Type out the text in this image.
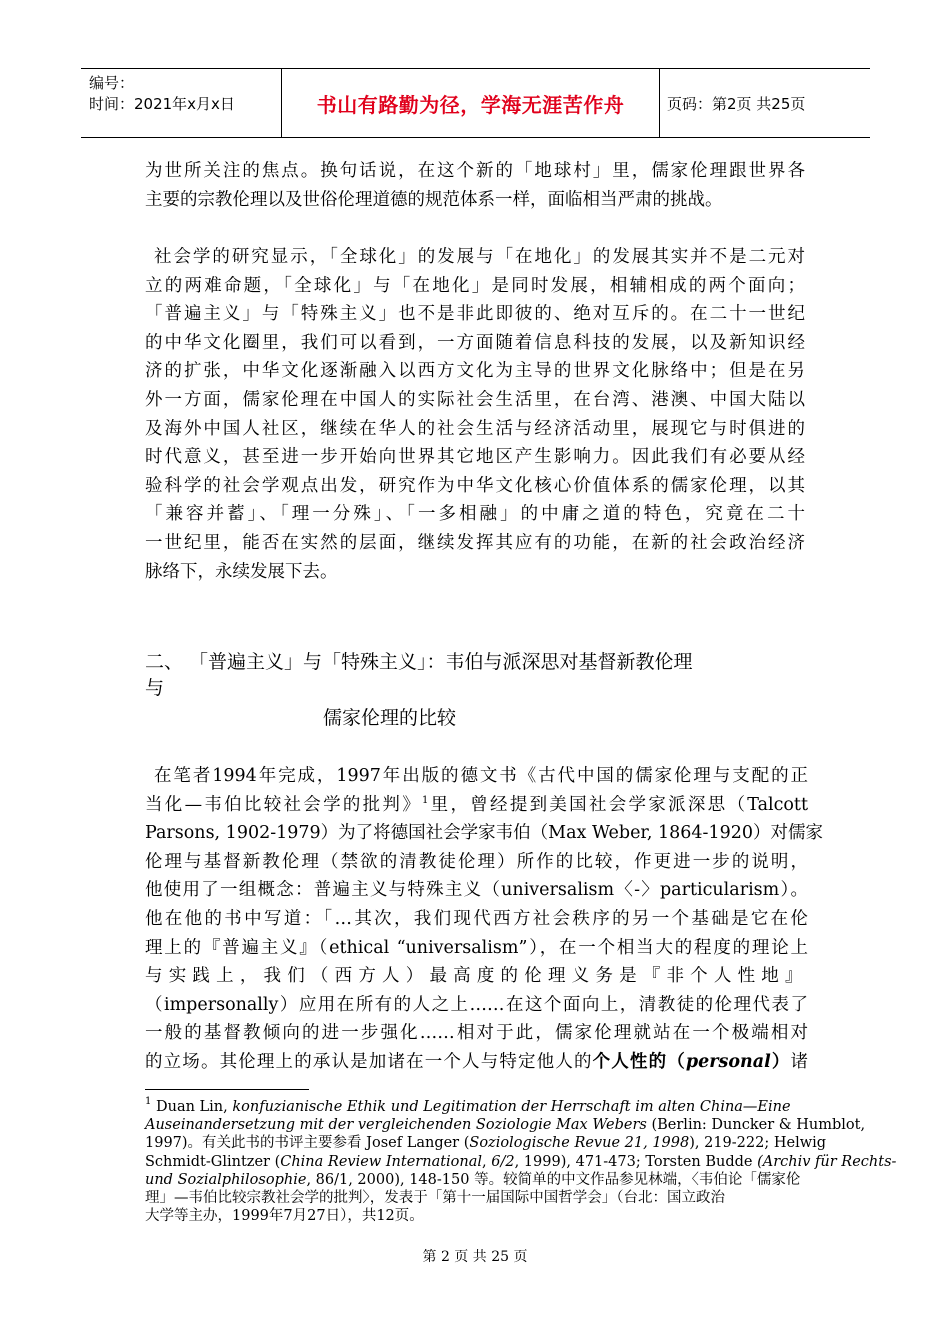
编号：
时间：2021年x月x日	书山有路勤为径，学海无涯苦作舟	页码：第2页 共25页
为世所关注的焦点。换句话说，在这个新的「地球村」里，儒家伦理跟世界各
主要的宗教伦理以及世俗伦理道德的规范体系一样，面临相当严肃的挑战。
社会学的研究显示，「全球化」的发展与「在地化」的发展其实并不是二元对
立的两难命题，「全球化」与「在地化」是同时发展，相辅相成的两个面向；
「普遍主义」与「特殊主义」也不是非此即彼的、绝对互斥的。在二十一世纪
的中华文化圈里，我们可以看到，一方面随着信息科技的发展，以及新知识经
济的扩张，中华文化逐渐融入以西方文化为主导的世界文化脉络中；但是在另
外一方面，儒家伦理在中国人的实际社会生活里，在台湾、港澳、中国大陆以
及海外中国人社区，继续在华人的社会生活与经济活动里，展现它与时俱进的
时代意义，甚至进一步开始向世界其它地区产生影响力。因此我们有必要从经
验科学的社会学观点出发，研究作为中华文化核心价值体系的儒家伦理，以其
「兼容并蓄」、「理一分殊」、「一多相融」的中庸之道的特色，究竟在二十
一世纪里，能否在实然的层面，继续发挥其应有的功能，在新的社会政治经济
脉络下，永续发展下去。
二、 「普遍主义」与「特殊主义」：韦伯与派深思对基督新教伦理
与
儒家伦理的比较
在笔者1994年完成，1997年出版的德文书《古代中国的儒家伦理与支配的正
当化—韦伯比较社会学的批判》$^1$里，曾经提到美国社会学家派深思（Talcott
Parsons, 1902-1979）为了将德国社会学家韦伯（Max Weber, 1864-1920）对儒家
伦理与基督新教伦理（禁欲的清教徒伦理）所作的比较，作更进一步的说明，
他使用了一组概念：普遍主义与特殊主义（universalism〈-〉particularism）。
他在他的书中写道：「…其次，我们现代西方社会秩序的另一个基础是它在伦
理上的『普遍主义』（ethical “universalism”），在一个相当大的程度的理论上
与实践上，我们（西方人）最高度的伦理义务是『非个人性地』
（impersonally）应用在所有的人之上……在这个面向上，清教徒的伦理代表了
一般的基督教倾向的进一步强化……相对于此，儒家伦理就站在一个极端相对
的立场。其伦理上的承认是加诸在一个人与特定他人的个人性的（personal）诸
$^1$ Duan Lin, konfuzianische Ethik und Legitimation der Herrschaft im alten China—Eine
Auseinandersetzung mit der vergleichenden Soziologie Max Webers (Berlin: Duncker & Humblot,
1997)。有关此书的书评主要参看 Josef Langer (Soziologische Revue 21, 1998), 219-222; Helwig
Schmidt-Glintzer (China Review International, 6/2, 1999), 471-473; Torsten Budde (Archiv für Rechts-
und Sozialphilosophie, 86/1, 2000), 148-150 等。较简单的中文作品参见林端，〈韦伯论「儒家伦
理」—韦伯比较宗教社会学的批判〉，发表于「第十一届国际中国哲学会」（台北：国立政治
大学等主办，1999年7月27日），共12页。
第 2 页 共 25 页
